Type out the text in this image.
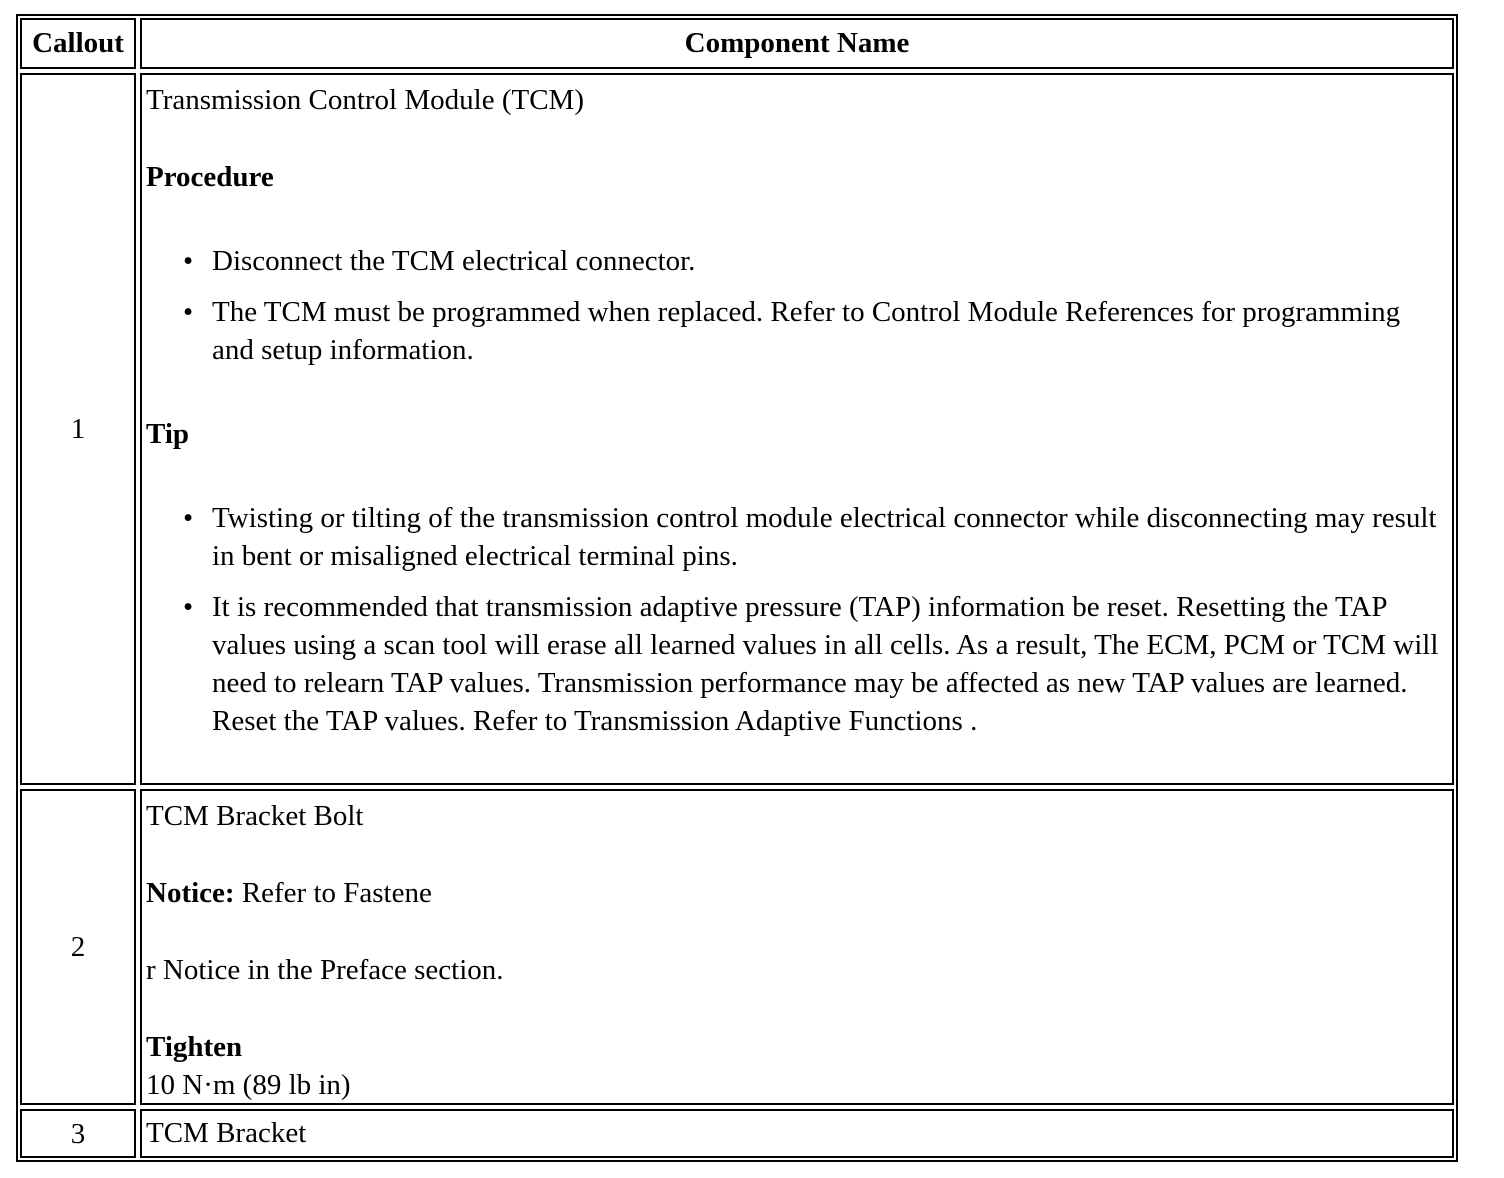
Callout	Component Name
1
Transmission Control Module (TCM)
Procedure
• Disconnect the TCM electrical connector.
• The TCM must be programmed when replaced. Refer to Control Module References for programming and setup information.
Tip
• Twisting or tilting of the transmission control module electrical connector while disconnecting may result in bent or misaligned electrical terminal pins.
• It is recommended that transmission adaptive pressure (TAP) information be reset. Resetting the TAP values using a scan tool will erase all learned values in all cells. As a result, The ECM, PCM or TCM will need to relearn TAP values. Transmission performance may be affected as new TAP values are learned. Reset the TAP values. Refer to Transmission Adaptive Functions .
2
TCM Bracket Bolt
Notice: Refer to Fastene
r Notice in the Preface section.
Tighten
10 N·m (89 lb in)
3 TCM Bracket
